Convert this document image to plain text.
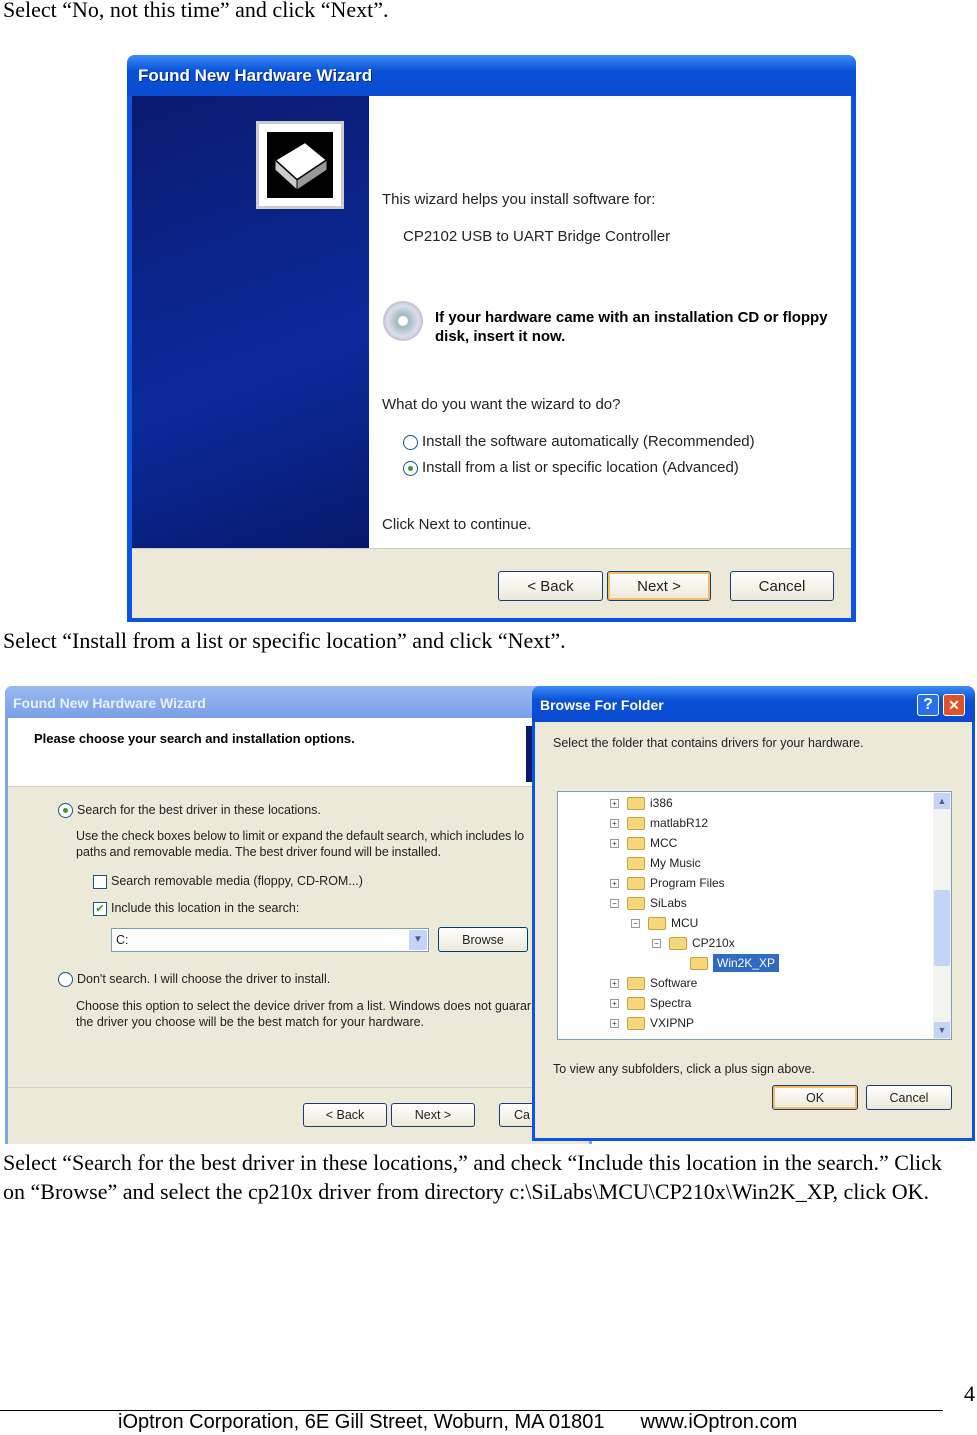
Select “No, not this time” and click “Next”.
Found New Hardware Wizard
This wizard helps you install software for:
CP2102 USB to UART Bridge Controller
If your hardware came with an installation CD or floppy disk, insert it now.
What do you want the wizard to do?
Install the software automatically (Recommended)
Install from a list or specific location (Advanced)
Click Next to continue.
< Back	Next >	Cancel
Select “Install from a list or specific location” and click “Next”.
Found New Hardware Wizard
Please choose your search and installation options.
Search for the best driver in these locations.
Use the check boxes below to limit or expand the default search, which includes lo paths and removable media. The best driver found will be installed.
Search removable media (floppy, CD-ROM...)
✔ Include this location in the search:
C:	▼	Browse
Don't search. I will choose the driver to install.
Choose this option to select the device driver from a list. Windows does not guarar the driver you choose will be the best match for your hardware.
< Back	Next >	Ca
Browse For Folder	?	✕
Select the folder that contains drivers for your hardware.
+	i386
+	matlabR12
+	MCC
My Music
+	Program Files
−	SiLabs
−	MCU
−	CP210x
Win2K_XP
+	Software
+	Spectra
+	VXIPNP
▲
▼
To view any subfolders, click a plus sign above.
OK	Cancel
Select “Search for the best driver in these locations,” and check “Include this location in the search.” Click on “Browse” and select the cp210x driver from directory c:\SiLabs\MCU\CP210x\Win2K_XP, click OK.
4
iOptron Corporation, 6E Gill Street, Woburn, MA 01801 www.iOptron.com
